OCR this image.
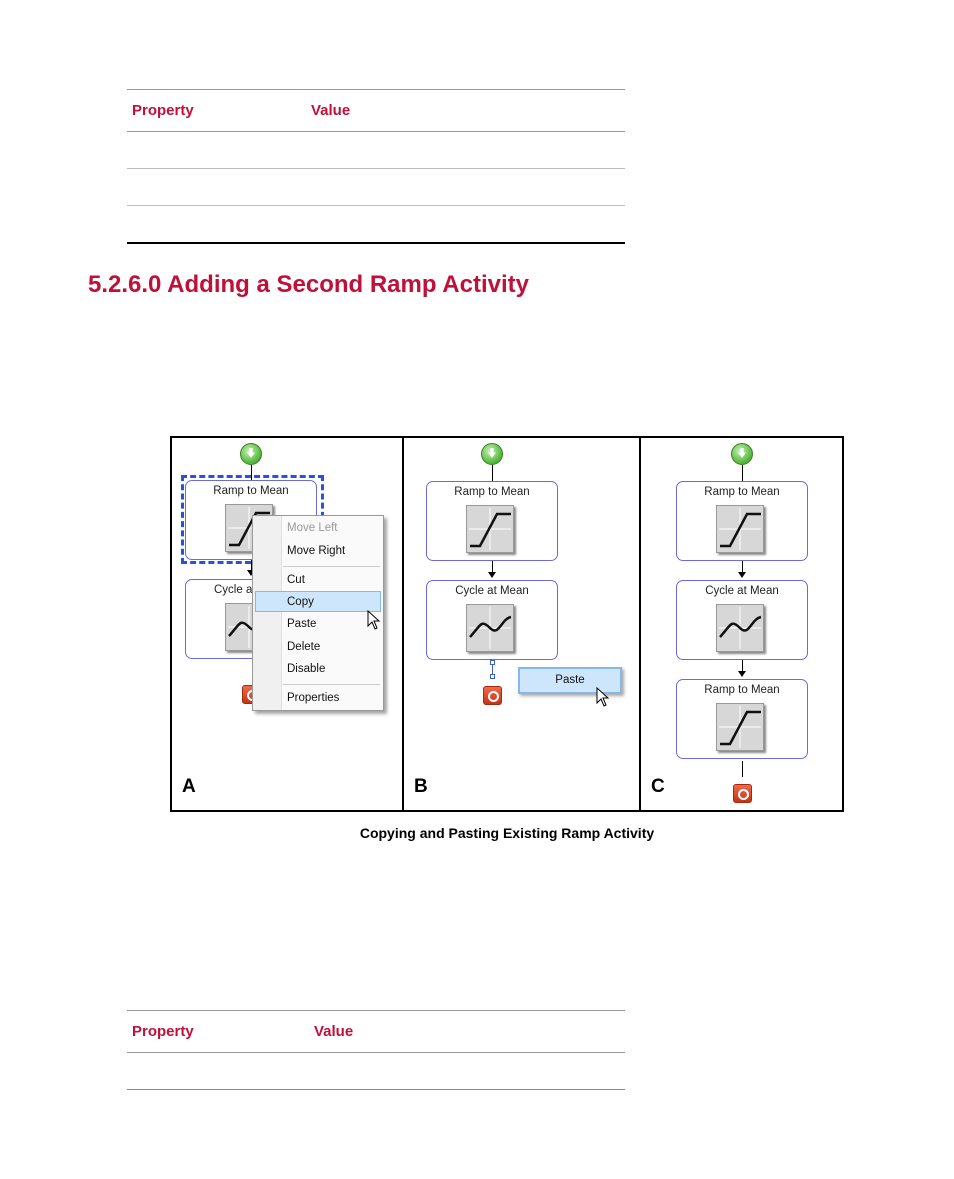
Property	Value
5.2.6.0 Adding a Second Ramp Activity
Ramp to Mean
Cycle a
Move Left
Move Right
Cut
Copy
Paste
Delete
Disable
Properties
A
Ramp to Mean
Cycle at Mean
Paste
B
Ramp to Mean
Cycle at Mean
Ramp to Mean
C
Copying and Pasting Existing Ramp Activity
Property	Value
